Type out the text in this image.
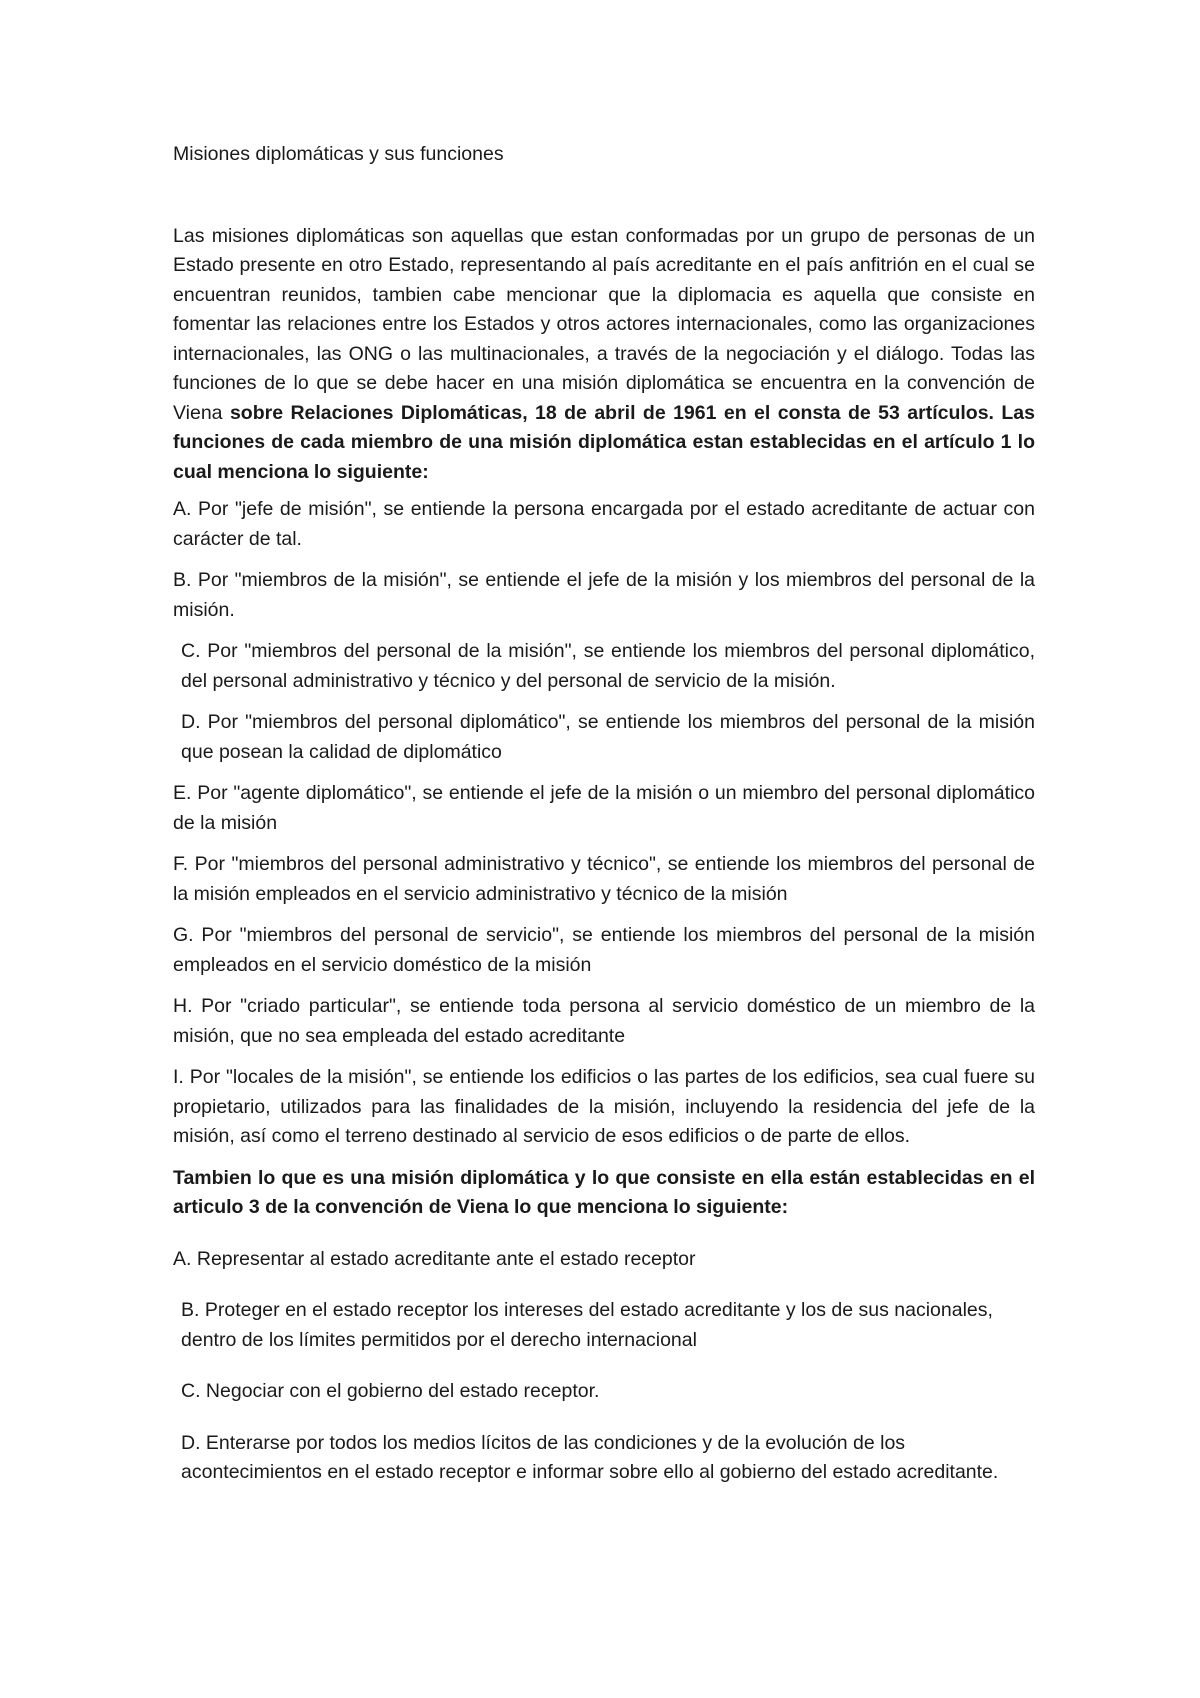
Misiones diplomáticas y sus funciones

Las misiones diplomáticas son aquellas que estan conformadas por un grupo de personas de un Estado presente en otro Estado, representando al país acreditante en el país anfitrión en el cual se encuentran reunidos, tambien cabe mencionar que la diplomacia es aquella que consiste en fomentar las relaciones entre los Estados y otros actores internacionales, como las organizaciones internacionales, las ONG o las multinacionales, a través de la negociación y el diálogo. Todas las funciones de lo que se debe hacer en una misión diplomática se encuentra en la convención de Viena sobre Relaciones Diplomáticas, 18 de abril de 1961 en el consta de 53 artículos. Las funciones de cada miembro de una misión diplomática estan establecidas en el artículo 1 lo cual menciona lo siguiente:

A. Por "jefe de misión", se entiende la persona encargada por el estado acreditante de actuar con carácter de tal.

B. Por "miembros de la misión", se entiende el jefe de la misión y los miembros del personal de la misión.

C. Por "miembros del personal de la misión", se entiende los miembros del personal diplomático, del personal administrativo y técnico y del personal de servicio de la misión.

D. Por "miembros del personal diplomático", se entiende los miembros del personal de la misión que posean la calidad de diplomático

E. Por "agente diplomático", se entiende el jefe de la misión o un miembro del personal diplomático de la misión

F. Por "miembros del personal administrativo y técnico", se entiende los miembros del personal de la misión empleados en el servicio administrativo y técnico de la misión

G. Por "miembros del personal de servicio", se entiende los miembros del personal de la misión empleados en el servicio doméstico de la misión

H. Por "criado particular", se entiende toda persona al servicio doméstico de un miembro de la misión, que no sea empleada del estado acreditante

I. Por "locales de la misión", se entiende los edificios o las partes de los edificios, sea cual fuere su propietario, utilizados para las finalidades de la misión, incluyendo la residencia del jefe de la misión, así como el terreno destinado al servicio de esos edificios o de parte de ellos.

Tambien lo que es una misión diplomática y lo que consiste en ella están establecidas en el articulo 3 de la convención de Viena lo que menciona lo siguiente:

A. Representar al estado acreditante ante el estado receptor

B. Proteger en el estado receptor los intereses del estado acreditante y los de sus nacionales, dentro de los límites permitidos por el derecho internacional

C. Negociar con el gobierno del estado receptor.

D. Enterarse por todos los medios lícitos de las condiciones y de la evolución de los acontecimientos en el estado receptor e informar sobre ello al gobierno del estado acreditante.
